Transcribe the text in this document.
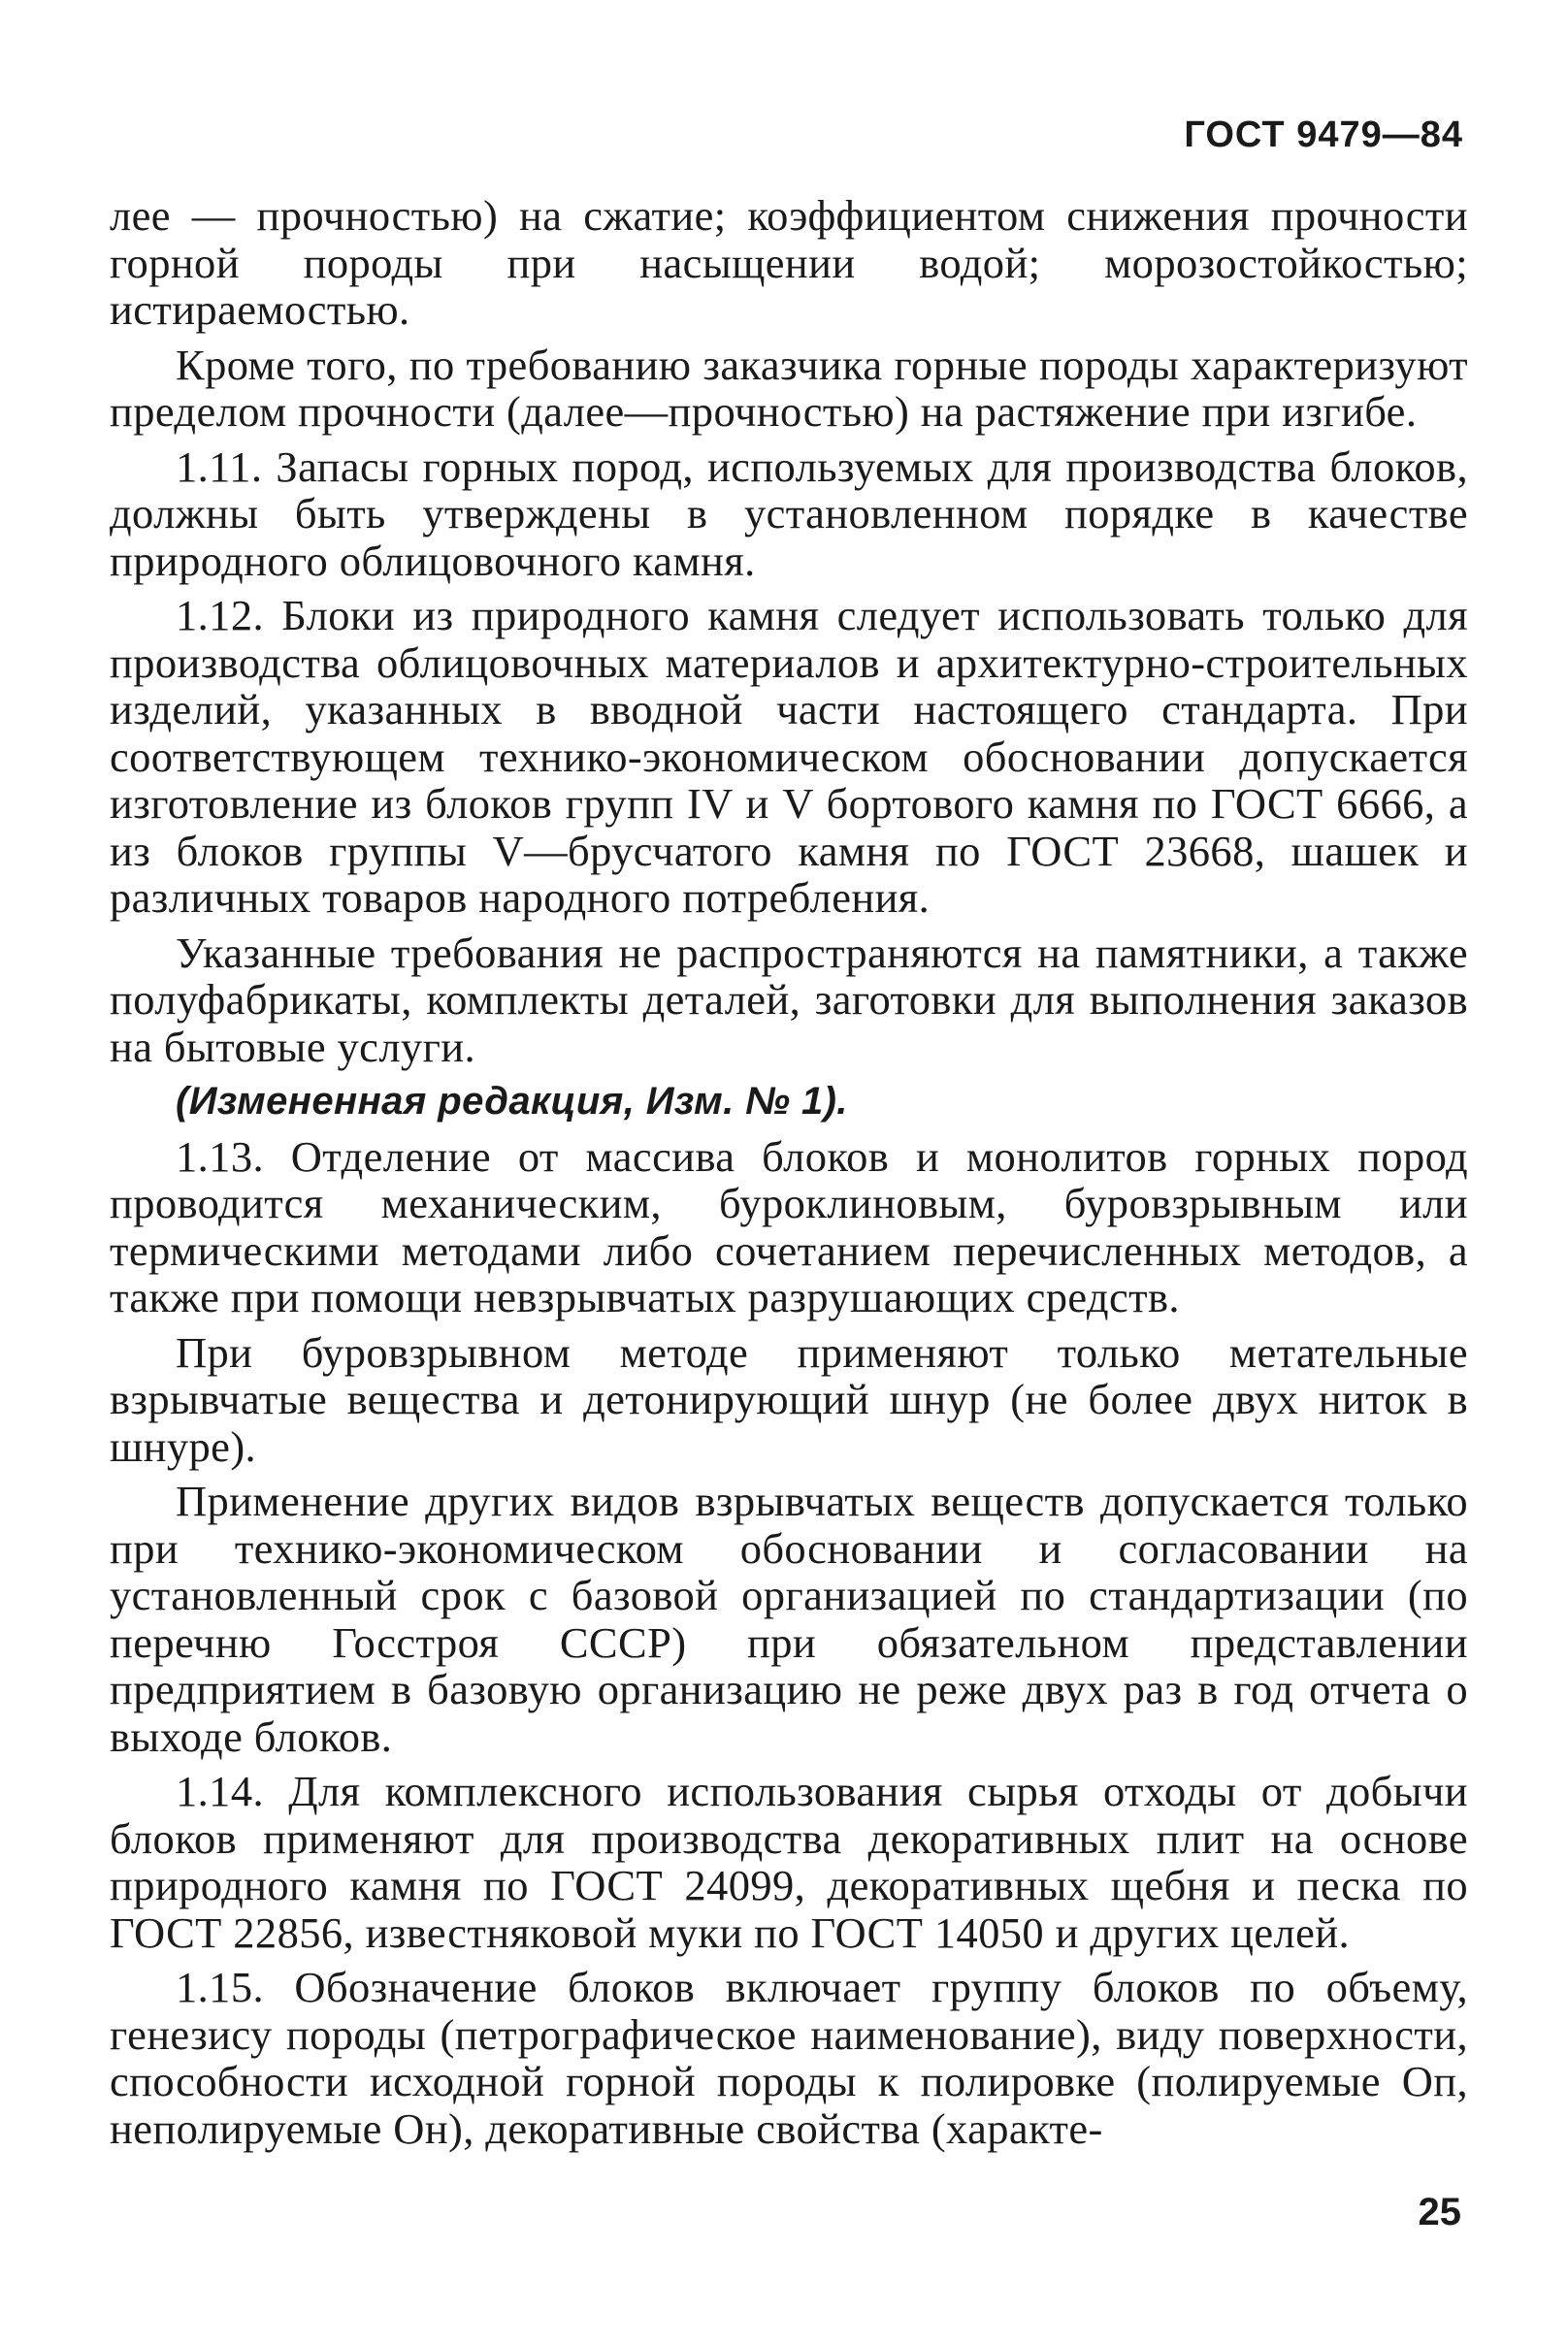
ГОСТ 9479—84

лее — прочностью) на сжатие; коэффициентом снижения прочности горной породы при насыщении водой; морозостойкостью; истираемостью.

Кроме того, по требованию заказчика горные породы характеризуют пределом прочности (далее—прочностью) на растяжение при изгибе.

1.11. Запасы горных пород, используемых для производства блоков, должны быть утверждены в установленном порядке в качестве природного облицовочного камня.

1.12. Блоки из природного камня следует использовать только для производства облицовочных материалов и архитектурно-строительных изделий, указанных в вводной части настоящего стандарта. При соответствующем технико-экономическом обосновании допускается изготовление из блоков групп IV и V бортового камня по ГОСТ 6666, а из блоков группы V—брусчатого камня по ГОСТ 23668, шашек и различных товаров народного потребления.

Указанные требования не распространяются на памятники, а также полуфабрикаты, комплекты деталей, заготовки для выполнения заказов на бытовые услуги.

(Измененная редакция, Изм. № 1).

1.13. Отделение от массива блоков и монолитов горных пород проводится механическим, буроклиновым, буровзрывным или термическими методами либо сочетанием перечисленных методов, а также при помощи невзрывчатых разрушающих средств.

При буровзрывном методе применяют только метательные взрывчатые вещества и детонирующий шнур (не более двух ниток в шнуре).

Применение других видов взрывчатых веществ допускается только при технико-экономическом обосновании и согласовании на установленный срок с базовой организацией по стандартизации (по перечню Госстроя СССР) при обязательном представлении предприятием в базовую организацию не реже двух раз в год отчета о выходе блоков.

1.14. Для комплексного использования сырья отходы от добычи блоков применяют для производства декоративных плит на основе природного камня по ГОСТ 24099, декоративных щебня и песка по ГОСТ 22856, известняковой муки по ГОСТ 14050 и других целей.

1.15. Обозначение блоков включает группу блоков по объему, генезису породы (петрографическое наименование), виду поверхности, способности исходной горной породы к полировке (полируемые Оп, неполируемые Он), декоративные свойства (характе-

25
